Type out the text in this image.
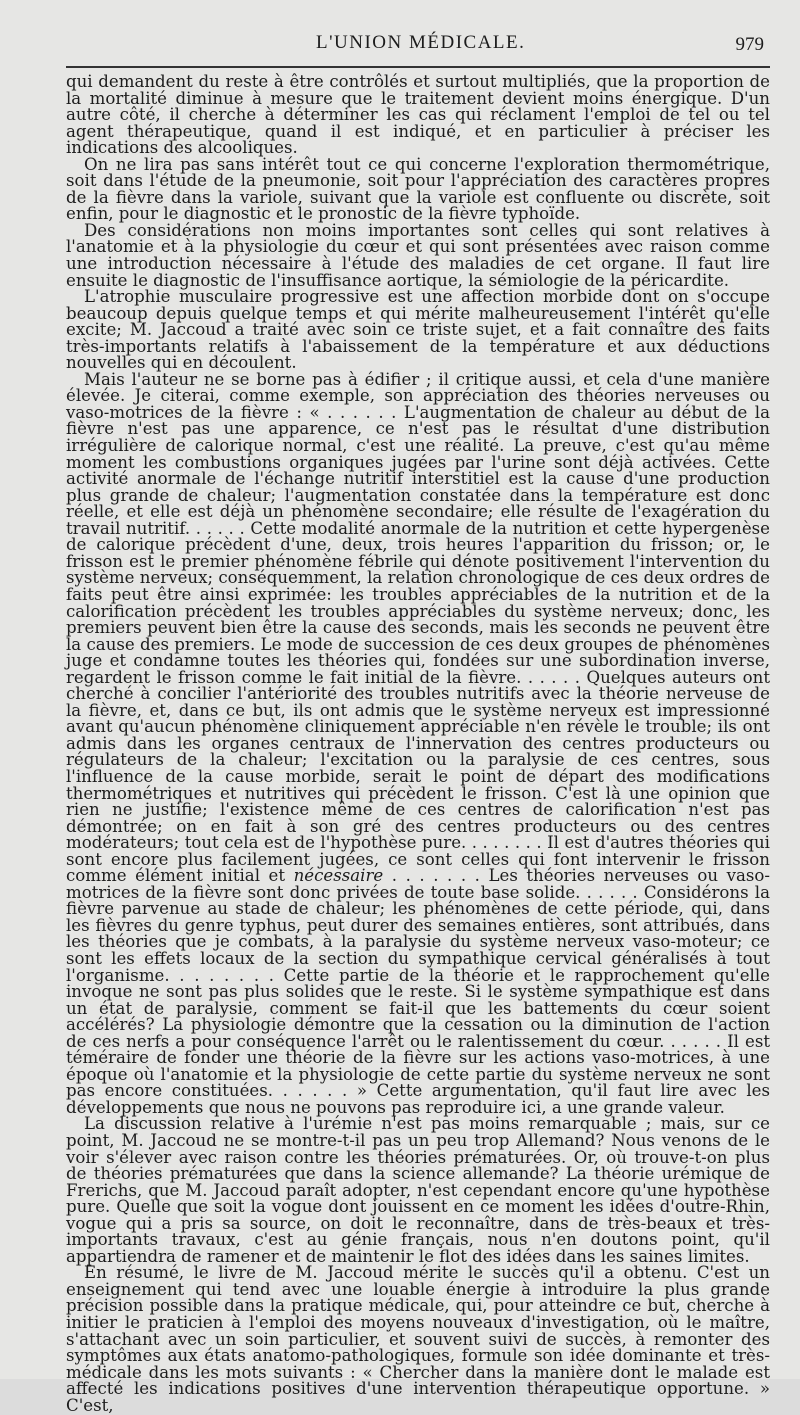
L'UNION MÉDICALE.	979

qui demandent du reste à être contrôlés et surtout multipliés, que la proportion de la mortalité diminue à mesure que le traitement devient moins énergique. D'un autre côté, il cherche à déterminer les cas qui réclament l'emploi de tel ou tel agent thérapeutique, quand il est indiqué, et en particulier à préciser les indications des alcooliques.

On ne lira pas sans intérêt tout ce qui concerne l'exploration thermométrique, soit dans l'étude de la pneumonie, soit pour l'appréciation des caractères propres de la fièvre dans la variole, suivant que la variole est confluente ou discrète, soit enfin, pour le diagnostic et le pronostic de la fièvre typhoïde.

Des considérations non moins importantes sont celles qui sont relatives à l'anatomie et à la physiologie du cœur et qui sont présentées avec raison comme une introduction nécessaire à l'étude des maladies de cet organe. Il faut lire ensuite le diagnostic de l'insuffisance aortique, la sémiologie de la péricardite.

L'atrophie musculaire progressive est une affection morbide dont on s'occupe beaucoup depuis quelque temps et qui mérite malheureusement l'intérêt qu'elle excite; M. Jaccoud a traité avec soin ce triste sujet, et a fait connaître des faits très-importants relatifs à l'abaissement de la température et aux déductions nouvelles qui en découlent.

Mais l'auteur ne se borne pas à édifier ; il critique aussi, et cela d'une manière élevée. Je citerai, comme exemple, son appréciation des théories nerveuses ou vaso-motrices de la fièvre : « . . . . . . L'augmentation de chaleur au début de la fièvre n'est pas une apparence, ce n'est pas le résultat d'une distribution irrégulière de calorique normal, c'est une réalité. La preuve, c'est qu'au même moment les combustions organiques jugées par l'urine sont déjà activées. Cette activité anormale de l'échange nutritif interstitiel est la cause d'une production plus grande de chaleur; l'augmentation constatée dans la température est donc réelle, et elle est déjà un phénomène secondaire; elle résulte de l'exagération du travail nutritif. . . . . . Cette modalité anormale de la nutrition et cette hypergenèse de calorique précèdent d'une, deux, trois heures l'apparition du frisson; or, le frisson est le premier phénomène fébrile qui dénote positivement l'intervention du système nerveux; conséquemment, la relation chronologique de ces deux ordres de faits peut être ainsi exprimée: les troubles appréciables de la nutrition et de la calorification précèdent les troubles appréciables du système nerveux; donc, les premiers peuvent bien être la cause des seconds, mais les seconds ne peuvent être la cause des premiers. Le mode de succession de ces deux groupes de phénomènes juge et condamne toutes les théories qui, fondées sur une subordination inverse, regardent le frisson comme le fait initial de la fièvre. . . . . . Quelques auteurs ont cherché à concilier l'antériorité des troubles nutritifs avec la théorie nerveuse de la fièvre, et, dans ce but, ils ont admis que le système nerveux est impressionné avant qu'aucun phénomène cliniquement appréciable n'en révèle le trouble; ils ont admis dans les organes centraux de l'innervation des centres producteurs ou régulateurs de la chaleur; l'excitation ou la paralysie de ces centres, sous l'influence de la cause morbide, serait le point de départ des modifications thermométriques et nutritives qui précèdent le frisson. C'est là une opinion que rien ne justifie; l'existence même de ces centres de calorification n'est pas démontrée; on en fait à son gré des centres producteurs ou des centres modérateurs; tout cela est de l'hypothèse pure. . . . . . . . Il est d'autres théories qui sont encore plus facilement jugées, ce sont celles qui font intervenir le frisson comme élément initial et nécessaire . . . . . . . Les théories nerveuses ou vaso-motrices de la fièvre sont donc privées de toute base solide. . . . . . Considérons la fièvre parvenue au stade de chaleur; les phénomènes de cette période, qui, dans les fièvres du genre typhus, peut durer des semaines entières, sont attribués, dans les théories que je combats, à la paralysie du système nerveux vaso-moteur; ce sont les effets locaux de la section du sympathique cervical généralisés à tout l'organisme. . . . . . . . Cette partie de la théorie et le rapprochement qu'elle invoque ne sont pas plus solides que le reste. Si le système sympathique est dans un état de paralysie, comment se fait-il que les battements du cœur soient accélérés? La physiologie démontre que la cessation ou la diminution de l'action de ces nerfs a pour conséquence l'arrêt ou le ralentissement du cœur. . . . . . Il est téméraire de fonder une théorie de la fièvre sur les actions vaso-motrices, à une époque où l'anatomie et la physiologie de cette partie du système nerveux ne sont pas encore constituées. . . . . . » Cette argumentation, qu'il faut lire avec les développements que nous ne pouvons pas reproduire ici, a une grande valeur.

La discussion relative à l'urémie n'est pas moins remarquable ; mais, sur ce point, M. Jaccoud ne se montre-t-il pas un peu trop Allemand? Nous venons de le voir s'élever avec raison contre les théories prématurées. Or, où trouve-t-on plus de théories prématurées que dans la science allemande? La théorie urémique de Frerichs, que M. Jaccoud paraît adopter, n'est cependant encore qu'une hypothèse pure. Quelle que soit la vogue dont jouissent en ce moment les idées d'outre-Rhin, vogue qui a pris sa source, on doit le reconnaître, dans de très-beaux et très-importants travaux, c'est au génie français, nous n'en doutons point, qu'il appartiendra de ramener et de maintenir le flot des idées dans les saines limites.

En résumé, le livre de M. Jaccoud mérite le succès qu'il a obtenu. C'est un enseignement qui tend avec une louable énergie à introduire la plus grande précision possible dans la pratique médicale, qui, pour atteindre ce but, cherche à initier le praticien à l'emploi des moyens nouveaux d'investigation, où le maître, s'attachant avec un soin particulier, et souvent suivi de succès, à remonter des symptômes aux états anatomo-pathologiques, formule son idée dominante et très-médicale dans les mots suivants : « Chercher dans la manière dont le malade est affecté les indications positives d'une intervention thérapeutique opportune. » C'est,
